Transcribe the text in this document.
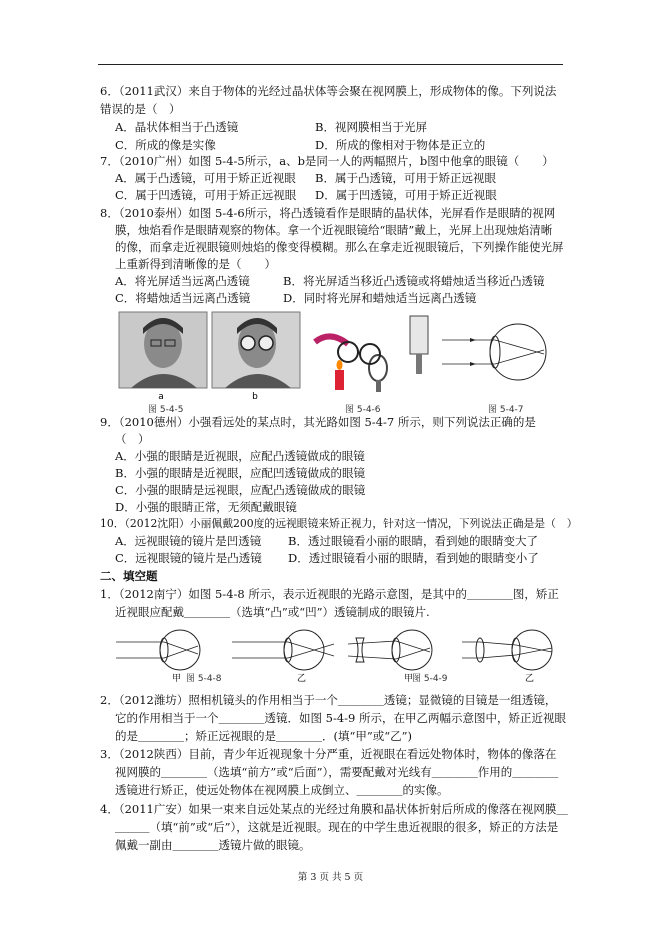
6．（2011武汉）来自于物体的光经过晶状体等会聚在视网膜上，形成物体的像。下列说法
错误的是（　）
A．晶状体相当于凸透镜	B．视网膜相当于光屏
C．所成的像是实像	D．所成的像相对于物体是正立的
7．（2010广州）如图 5-4-5所示，a、b是同一人的两幅照片，b图中他拿的眼镜（　　）
A．属于凸透镜，可用于矫正近视眼 B．属于凸透镜，可用于矫正远视眼
C．属于凹透镜，可用于矫正远视眼 D．属于凹透镜，可用于矫正近视眼
8．（2010泰州）如图 5-4-6所示，将凸透镜看作是眼睛的晶状体，光屏看作是眼睛的视网
膜，烛焰看作是眼睛观察的物体。拿一个近视眼镜给“眼睛”戴上，光屏上出现烛焰清晰
的像，而拿走近视眼镜则烛焰的像变得模糊。那么在拿走近视眼镜后，下列操作能使光屏
上重新得到清晰像的是（　　）
A．将光屏适当远离凸透镜	B．将光屏适当移近凸透镜或将蜡烛适当移近凸透镜
C．将蜡烛适当远离凸透镜	D．同时将光屏和蜡烛适当远离凸透镜
a	b
图 5-4-5	图 5-4-6	图 5-4-7
9．（2010德州）小强看远处的某点时，其光路如图 5-4-7 所示，则下列说法正确的是
（　）
A．小强的眼睛是近视眼，应配凸透镜做成的眼镜
B．小强的眼睛是近视眼，应配凹透镜做成的眼镜
C．小强的眼睛是远视眼，应配凸透镜做成的眼镜
D．小强的眼睛正常，无须配戴眼镜
10．（2012沈阳）小丽佩戴200度的远视眼镜来矫正视力，针对这一情况，下列说法正确是是（　）
A．远视眼镜的镜片是凹透镜 B．透过眼镜看小丽的眼睛，看到她的眼睛变大了
C．远视眼镜的镜片是凸透镜 D．透过眼镜看小丽的眼睛，看到她的眼睛变小了
二、填空题
1．（2012南宁）如图 5-4-8 所示，表示近视眼的光路示意图，是其中的＿＿＿＿图，矫正
近视眼应配戴＿＿＿＿（选填“凸”或“凹”）透镜制成的眼镜片.
甲	乙	甲	乙
图 5-4-8	图 5-4-9
2．（2012潍坊）照相机镜头的作用相当于一个＿＿＿＿透镜；显微镜的目镜是一组透镜，
它的作用相当于一个＿＿＿＿透镜．如图 5-4-9 所示，在甲乙两幅示意图中，矫正近视眼
的是＿＿＿＿；矫正远视眼的是＿＿＿＿．(填“甲”或“乙”)
3．（2012陕西）目前，青少年近视现象十分严重，近视眼在看远处物体时，物体的像落在
视网膜的＿＿＿＿（选填“前方”或“后面”），需要配戴对光线有＿＿＿＿作用的＿＿＿＿
透镜进行矫正，使远处物体在视网膜上成倒立、＿＿＿＿的实像。
4．（2011广安）如果一束来自远处某点的光经过角膜和晶状体折射后所成的像落在视网膜＿
＿＿＿（填“前”或“后”），这就是近视眼。现在的中学生患近视眼的很多，矫正的方法是
佩戴一副由＿＿＿＿透镜片做的眼镜。
第 3 页 共 5 页
